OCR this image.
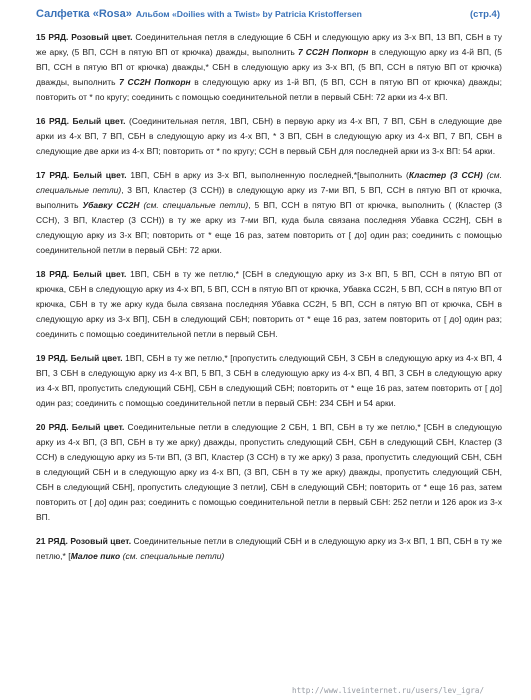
Салфетка «Rosa» Альбом «Doilies with a Twist» by Patricia Kristoffersen	(стр.4)

15 РЯД. Розовый цвет. Соединительная петля в следующие 6 СБН и следующую арку из 3-х ВП, 13 ВП, СБН в ту же арку, (5 ВП, ССН в пятую ВП от крючка) дважды, выполнить 7 СС2Н Попкорн в следующую арку из 4-й ВП, (5 ВП, ССН в пятую ВП от крючка) дважды,* СБН в следующую арку из 3-х ВП, (5 ВП, ССН в пятую ВП от крючка) дважды, выполнить 7 СС2Н Попкорн в следующую арку из 1-й ВП, (5 ВП, ССН в пятую ВП от крючка) дважды; повторить от * по кругу; соединить с помощью соединительной петли в первый СБН: 72 арки из 4-х ВП.

16 РЯД. Белый цвет. (Соединительная петля, 1ВП, СБН) в первую арку из 4-х ВП, 7 ВП, СБН в следующие две арки из 4-х ВП, 7 ВП, СБН в следующую арку из 4-х ВП, * 3 ВП, СБН в следующую арку из 4-х ВП, 7 ВП, СБН в следующие две арки из 4-х ВП; повторить от * по кругу; ССН в первый СБН для последней арки из 3-х ВП: 54 арки.

17 РЯД. Белый цвет. 1ВП, СБН в арку из 3-х ВП, выполненную последней,*[выполнить (Кластер (3 ССН) (см. специальные петли), 3 ВП, Кластер (3 ССН)) в следующую арку из 7-ми ВП, 5 ВП, ССН в пятую ВП от крючка, выполнить Убавку СС2Н (см. специальные петли), 5 ВП, ССН в пятую ВП от крючка, выполнить ( (Кластер (3 ССН), 3 ВП, Кластер (3 ССН)) в ту же арку из 7-ми ВП, куда была связана последняя Убавка СС2Н], СБН в следующую арку из 3-х ВП; повторить от * еще 16 раз, затем повторить от [ до] один раз; соединить с помощью соединительной петли в первый СБН: 72 арки.

18 РЯД. Белый цвет. 1ВП, СБН в ту же петлю,* [СБН в следующую арку из 3-х ВП, 5 ВП, ССН в пятую ВП от крючка, СБН в следующую арку из 4-х ВП, 5 ВП, ССН в пятую ВП от крючка, Убавка СС2Н, 5 ВП, ССН в пятую ВП от крючка, СБН в ту же арку куда была связана последняя Убавка СС2Н, 5 ВП, ССН в пятую ВП от крючка, СБН в следующую арку из 3-х ВП], СБН в следующий СБН; повторить от * еще 16 раз, затем повторить от [ до] один раз; соединить с помощью соединительной петли в первый СБН.

19 РЯД. Белый цвет. 1ВП, СБН в ту же петлю,* [пропустить следующий СБН, 3 СБН в следующую арку из 4-х ВП, 4 ВП, 3 СБН в следующую арку из 4-х ВП, 5 ВП, 3 СБН в следующую арку из 4-х ВП, 4 ВП, 3 СБН в следующую арку из 4-х ВП, пропустить следующий СБН], СБН в следующий СБН; повторить от * еще 16 раз, затем повторить от [ до] один раз; соединить с помощью соединительной петли в первый СБН: 234 СБН и 54 арки.

20 РЯД. Белый цвет. Соединительные петли в следующие 2 СБН, 1 ВП, СБН в ту же петлю,* [СБН в следующую арку из 4-х ВП, (3 ВП, СБН в ту же арку) дважды, пропустить следующий СБН, СБН в следующий СБН, Кластер (3 ССН) в следующую арку из 5-ти ВП, (3 ВП, Кластер (3 ССН) в ту же арку) 3 раза, пропустить следующий СБН, СБН в следующий СБН и в следующую арку из 4-х ВП, (3 ВП, СБН в ту же арку) дважды, пропустить следующий СБН, СБН в следующий СБН], пропустить следующие 3 петли], СБН в следующий СБН; повторить от * еще 16 раз, затем повторить от [ до] один раз; соединить с помощью соединительной петли в первый СБН: 252 петли и 126 арок из 3-х ВП.

21 РЯД. Розовый цвет. Соединительные петли в следующий СБН и в следующую арку из 3-х ВП, 1 ВП, СБН в ту же петлю,* [Малое пико (см. специальные петли)

http://www.liveinternet.ru/users/lev_igra/
